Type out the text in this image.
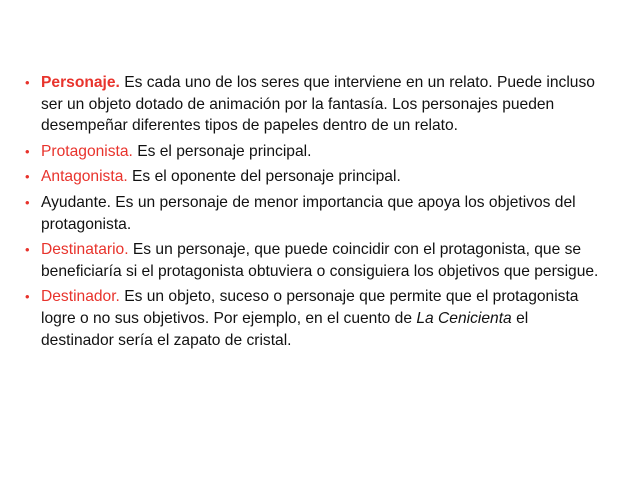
• Personaje. Es cada uno de los seres que interviene en un relato. Puede incluso ser un objeto dotado de animación por la fantasía. Los personajes pueden desempeñar diferentes tipos de papeles dentro de un relato.
• Protagonista. Es el personaje principal.
• Antagonista. Es el oponente del personaje principal.
• Ayudante. Es un personaje de menor importancia que apoya los objetivos del protagonista.
• Destinatario. Es un personaje, que puede coincidir con el protagonista, que se beneficiaría si el protagonista obtuviera o consiguiera los objetivos que persigue.
• Destinador. Es un objeto, suceso o personaje que permite que el protagonista logre o no sus objetivos. Por ejemplo, en el cuento de La Cenicienta el destinador sería el zapato de cristal.
